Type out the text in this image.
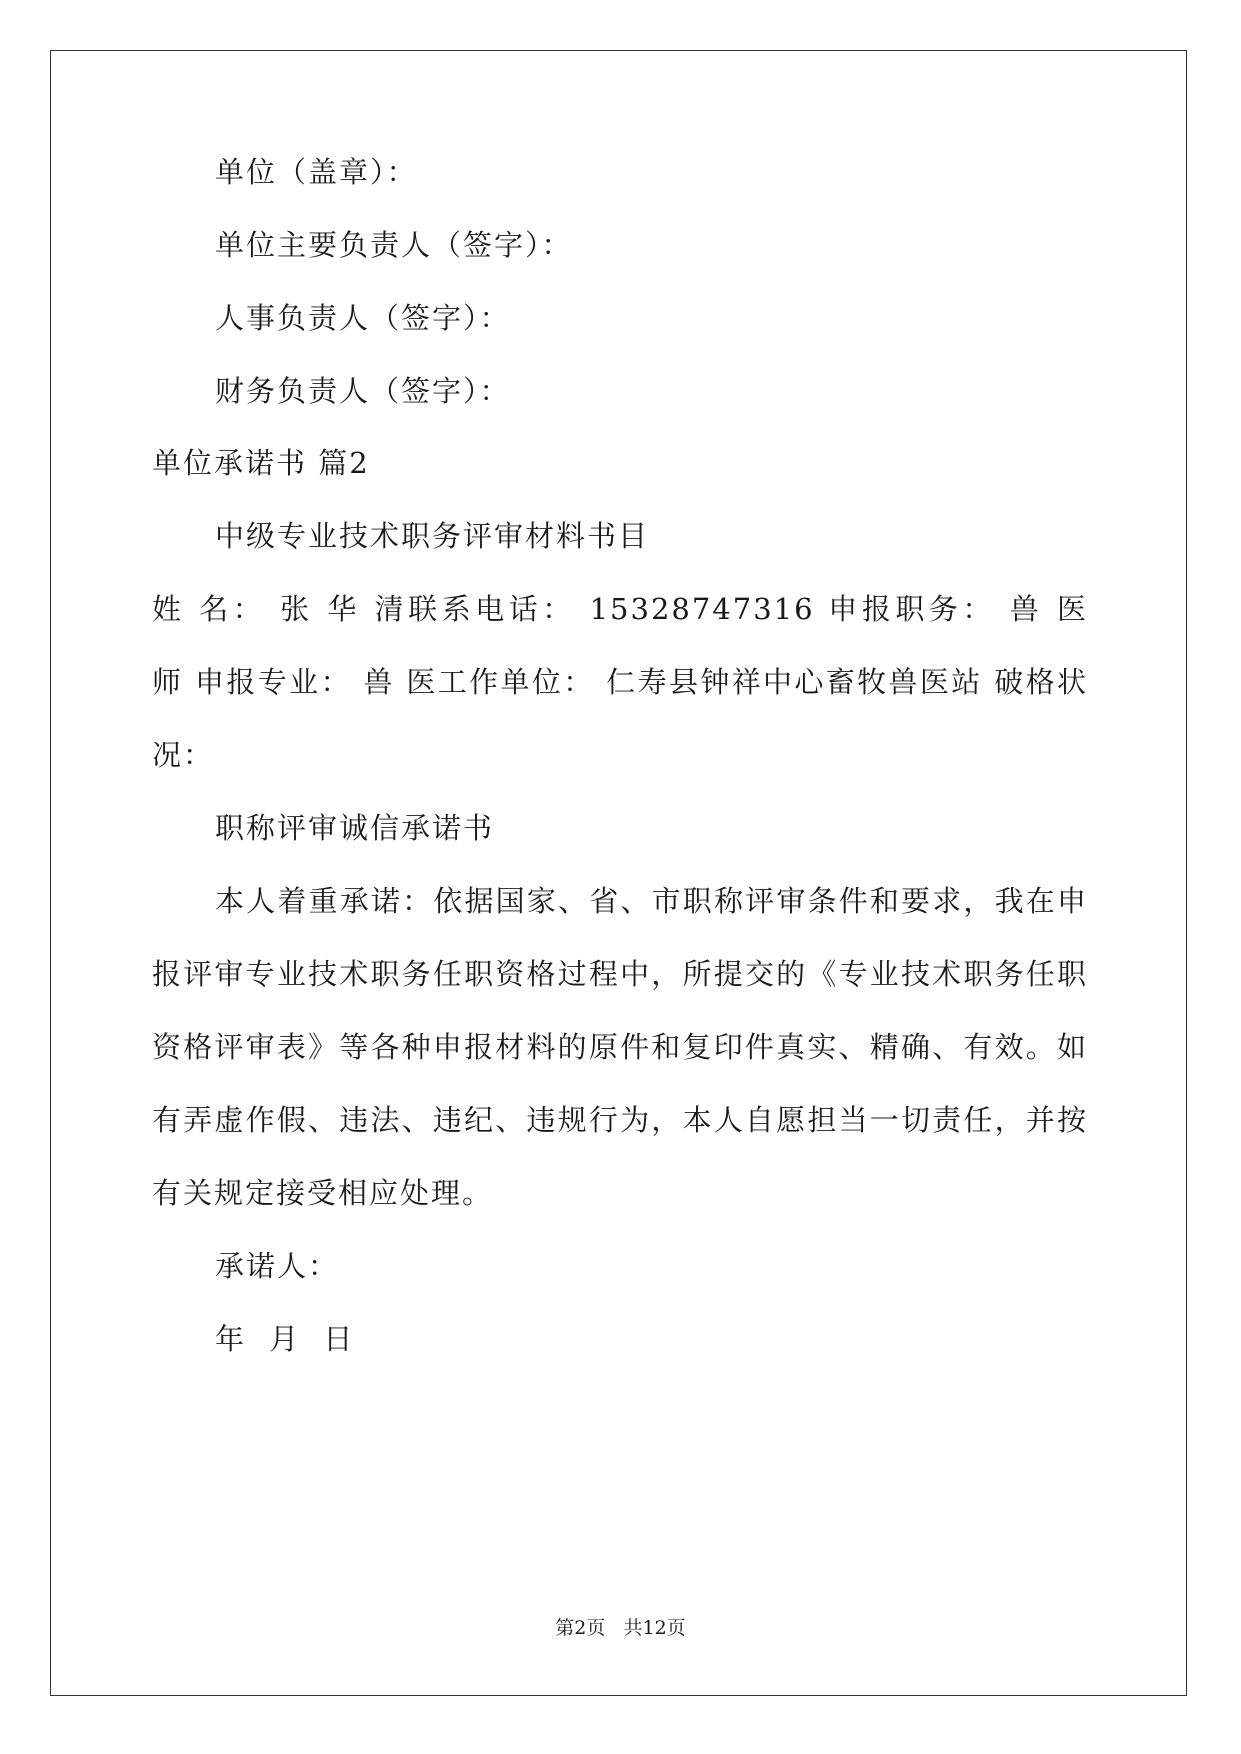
单位（盖章）：

单位主要负责人（签字）：

人事负责人（签字）：

财务负责人（签字）：

单位承诺书 篇2

中级专业技术职务评审材料书目

姓 名： 张 华 清联系电话： 15328747316 申报职务： 兽 医

师 申报专业： 兽 医工作单位： 仁寿县钟祥中心畜牧兽医站 破格状

况：

职称评审诚信承诺书

本人着重承诺：依据国家、省、市职称评审条件和要求，我在申

报评审专业技术职务任职资格过程中，所提交的《专业技术职务任职

资格评审表》等各种申报材料的原件和复印件真实、精确、有效。如

有弄虚作假、违法、违纪、违规行为，本人自愿担当一切责任，并按

有关规定接受相应处理。

承诺人：

年 月 日

第2页   共12页
